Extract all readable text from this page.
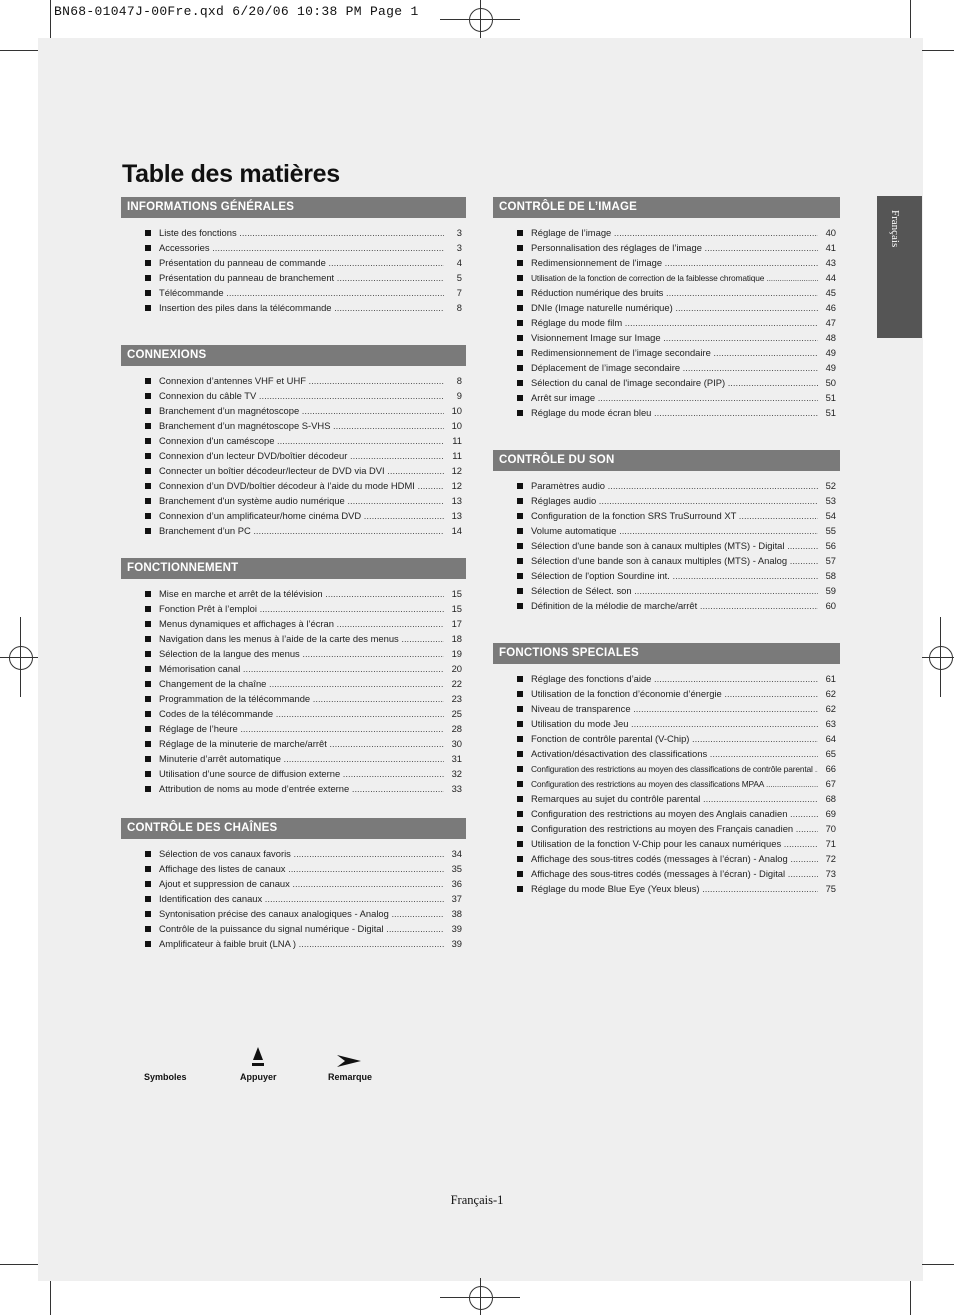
BN68-01047J-00Fre.qxd 6/20/06 10:38 PM Page 1
Table des matières
Français
INFORMATIONS GÉNÉRALES
Liste des fonctions .....	3
Accessories .....	3
Présentation du panneau de commande .....	4
Présentation du panneau de branchement .....	5
Télécommande .....	7
Insertion des piles dans la télécommande .....	8
CONNEXIONS
Connexion d’antennes VHF et UHF .....	8
Connexion du câble TV .....	9
Branchement d’un magnétoscope .....	10
Branchement d’un magnétoscope S-VHS .....	10
Connexion d'un caméscope .....	11
Connexion d'un lecteur DVD/boîtier décodeur .....	11
Connecter un boîtier décodeur/lecteur de DVD via DVI .....	12
Connexion d’un DVD/boîtier décodeur à l’aide du mode HDMI .....	12
Branchement d'un système audio numérique .....	13
Connexion d’un amplificateur/home cinéma DVD .....	13
Branchement d’un PC .....	14
FONCTIONNEMENT
Mise en marche et arrêt de la télévision .....	15
Fonction Prêt à l’emploi .....	15
Menus dynamiques et affichages à l’écran .....	17
Navigation dans les menus à l’aide de la carte des menus .....	18
Sélection de la langue des menus .....	19
Mémorisation canal .....	20
Changement de la chaîne .....	22
Programmation de la télécommande .....	23
Codes de la télécommande .....	25
Réglage de l’heure .....	28
Réglage de la minuterie de marche/arrêt .....	30
Minuterie d’arrêt automatique .....	31
Utilisation d’une source de diffusion externe .....	32
Attribution de noms au mode d’entrée externe .....	33
CONTRÔLE DES CHAÎNES
Sélection de vos canaux favoris .....	34
Affichage des listes de canaux .....	35
Ajout et suppression de canaux .....	36
Identification des canaux .....	37
Syntonisation précise des canaux analogiques - Analog .....	38
Contrôle de la puissance du signal numérique - Digital .....	39
Amplificateur à faible bruit (LNA ) .....	39
CONTRÔLE DE L’IMAGE
Réglage de l’image .....	40
Personnalisation des réglages de l’image .....	41
Redimensionnement de l'image .....	43
Utilisation de la fonction de correction de la faiblesse chromatique .....	44
Réduction numérique des bruits .....	45
DNIe (Image naturelle numérique) .....	46
Réglage du mode film .....	47
Visionnement Image sur Image .....	48
Redimensionnement de l’image secondaire .....	49
Déplacement de l’image secondaire .....	49
Sélection du canal de l'image secondaire (PIP) .....	50
Arrêt sur image .....	51
Réglage du mode écran bleu .....	51
CONTRÔLE DU SON
Paramètres audio .....	52
Réglages audio .....	53
Configuration de la fonction SRS TruSurround XT .....	54
Volume automatique .....	55
Sélection d'une bande son à canaux multiples (MTS) - Digital .....	56
Sélection d'une bande son à canaux multiples (MTS) - Analog .....	57
Sélection de l'option Sourdine int. .....	58
Sélection de Sélect. son .....	59
Définition de la mélodie de marche/arrêt .....	60
FONCTIONS SPECIALES
Réglage des fonctions d’aide .....	61
Utilisation de la fonction d’économie d’énergie .....	62
Niveau de transparence .....	62
Utilisation du mode Jeu .....	63
Fonction de contrôle parental (V-Chip) .....	64
Activation/désactivation des classifications .....	65
Configuration des restrictions au moyen des classifications de contrôle parental .....	66
Configuration des restrictions au moyen des classifications MPAA .....	67
Remarques au sujet du contrôle parental .....	68
Configuration des restrictions au moyen des Anglais canadien .....	69
Configuration des restrictions au moyen des Français canadien .....	70
Utilisation de la fonction V-Chip pour les canaux numériques .....	71
Affichage des sous-titres codés (messages à l’écran) - Analog .....	72
Affichage des sous-titres codés (messages à l’écran) - Digital .....	73
Réglage du mode Blue Eye (Yeux bleus) .....	75
Symboles	Appuyer	Remarque
Français-1
